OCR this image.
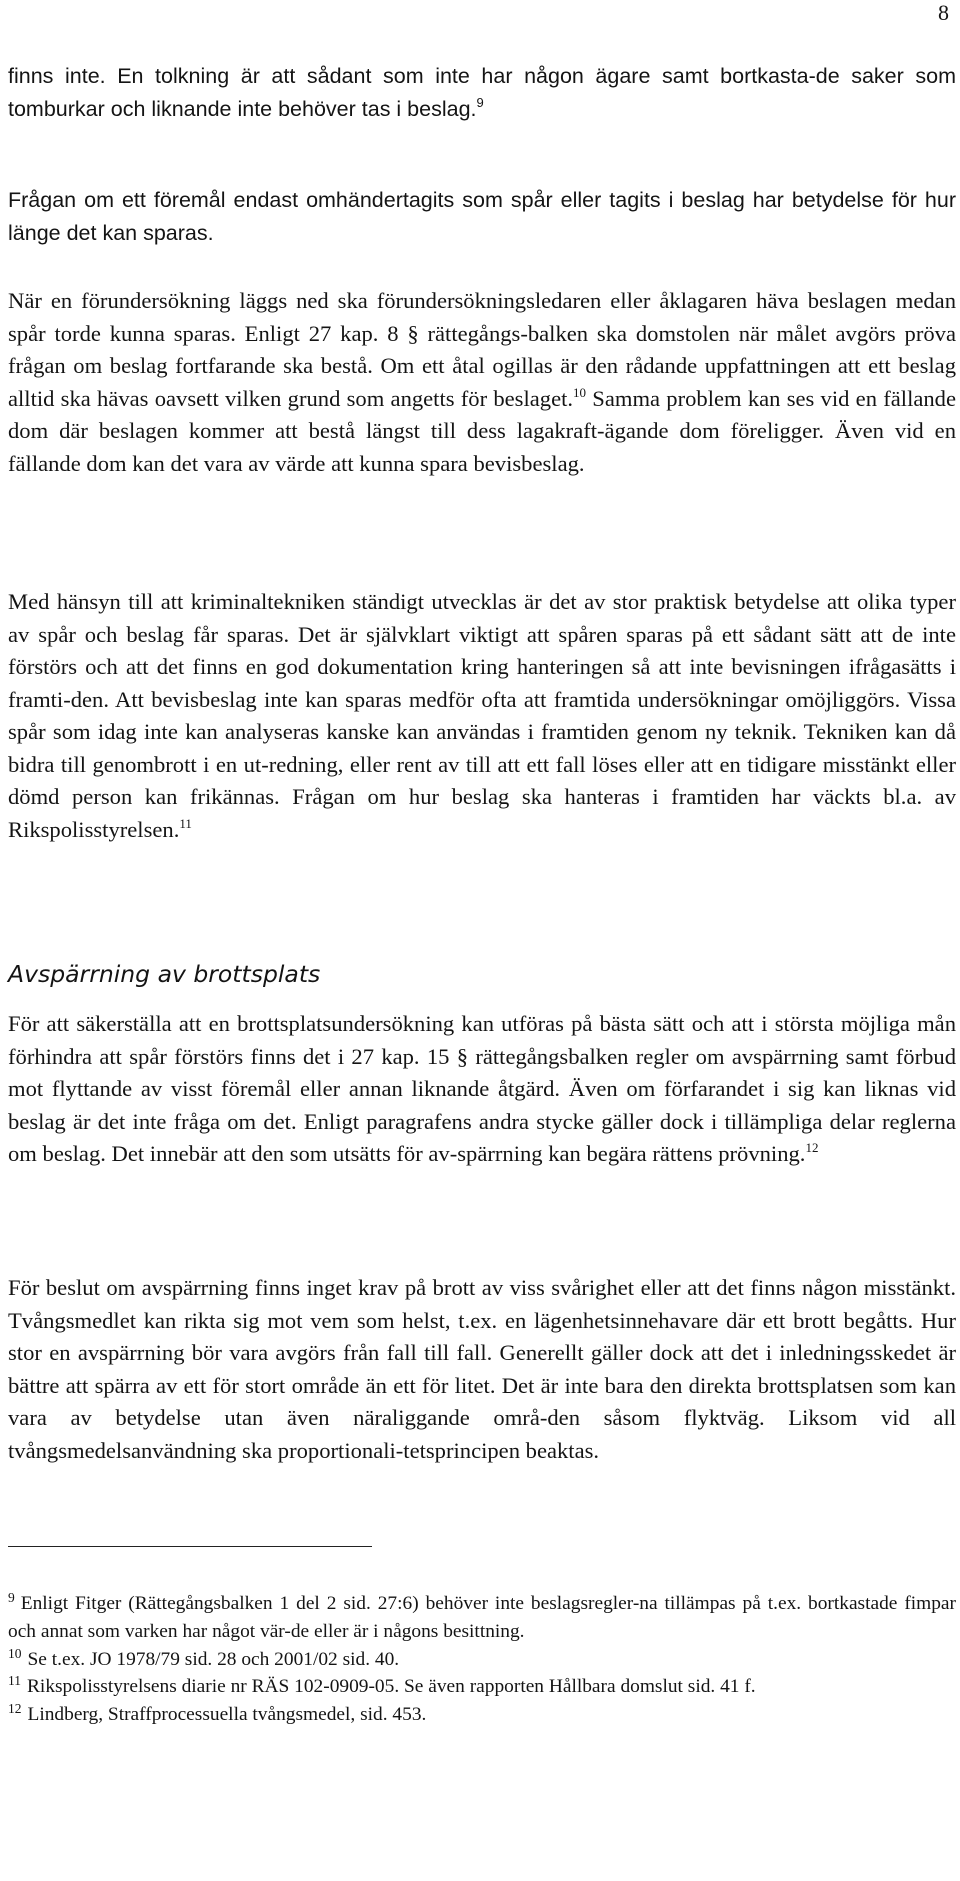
8

finns inte. En tolkning är att sådant som inte har någon ägare samt bortkasta-de saker som tomburkar och liknande inte behöver tas i beslag.$^9$

Frågan om ett föremål endast omhändertagits som spår eller tagits i beslag har betydelse för hur länge det kan sparas.

När en förundersökning läggs ned ska förundersökningsledaren eller åklagaren häva beslagen medan spår torde kunna sparas. Enligt 27 kap. 8 § rättegångs-balken ska domstolen när målet avgörs pröva frågan om beslag fortfarande ska bestå. Om ett åtal ogillas är den rådande uppfattningen att ett beslag alltid ska hävas oavsett vilken grund som angetts för beslaget.$^{10}$ Samma problem kan ses vid en fällande dom där beslagen kommer att bestå längst till dess lagakraft-ägande dom föreligger. Även vid en fällande dom kan det vara av värde att kunna spara bevisbeslag.

Med hänsyn till att kriminaltekniken ständigt utvecklas är det av stor praktisk betydelse att olika typer av spår och beslag får sparas. Det är självklart viktigt att spåren sparas på ett sådant sätt att de inte förstörs och att det finns en god dokumentation kring hanteringen så att inte bevisningen ifrågasätts i framti-den. Att bevisbeslag inte kan sparas medför ofta att framtida undersökningar omöjliggörs. Vissa spår som idag inte kan analyseras kanske kan användas i framtiden genom ny teknik. Tekniken kan då bidra till genombrott i en ut-redning, eller rent av till att ett fall löses eller att en tidigare misstänkt eller dömd person kan frikännas. Frågan om hur beslag ska hanteras i framtiden har väckts bl.a. av Rikspolisstyrelsen.$^{11}$

Avspärrning av brottsplats

För att säkerställa att en brottsplatsundersökning kan utföras på bästa sätt och att i största möjliga mån förhindra att spår förstörs finns det i 27 kap. 15 § rättegångsbalken regler om avspärrning samt förbud mot flyttande av visst föremål eller annan liknande åtgärd. Även om förfarandet i sig kan liknas vid beslag är det inte fråga om det. Enligt paragrafens andra stycke gäller dock i tillämpliga delar reglerna om beslag. Det innebär att den som utsätts för av-spärrning kan begära rättens prövning.$^{12}$

För beslut om avspärrning finns inget krav på brott av viss svårighet eller att det finns någon misstänkt. Tvångsmedlet kan rikta sig mot vem som helst, t.ex. en lägenhetsinnehavare där ett brott begåtts. Hur stor en avspärrning bör vara avgörs från fall till fall. Generellt gäller dock att det i inledningsskedet är bättre att spärra av ett för stort område än ett för litet. Det är inte bara den direkta brottsplatsen som kan vara av betydelse utan även näraliggande områ-den såsom flyktväg. Liksom vid all tvångsmedelsanvändning ska proportionali-tetsprincipen beaktas.

$^9$ Enligt Fitger (Rättegångsbalken 1 del 2 sid. 27:6) behöver inte beslagsregler-na tillämpas på t.ex. bortkastade fimpar och annat som varken har något vär-de eller är i någons besittning.

$^{10}$ Se t.ex. JO 1978/79 sid. 28 och 2001/02 sid. 40.

$^{11}$ Rikspolisstyrelsens diarie nr RÄS 102-0909-05. Se även rapporten Hållbara domslut sid. 41 f.

$^{12}$ Lindberg, Straffprocessuella tvångsmedel, sid. 453.
